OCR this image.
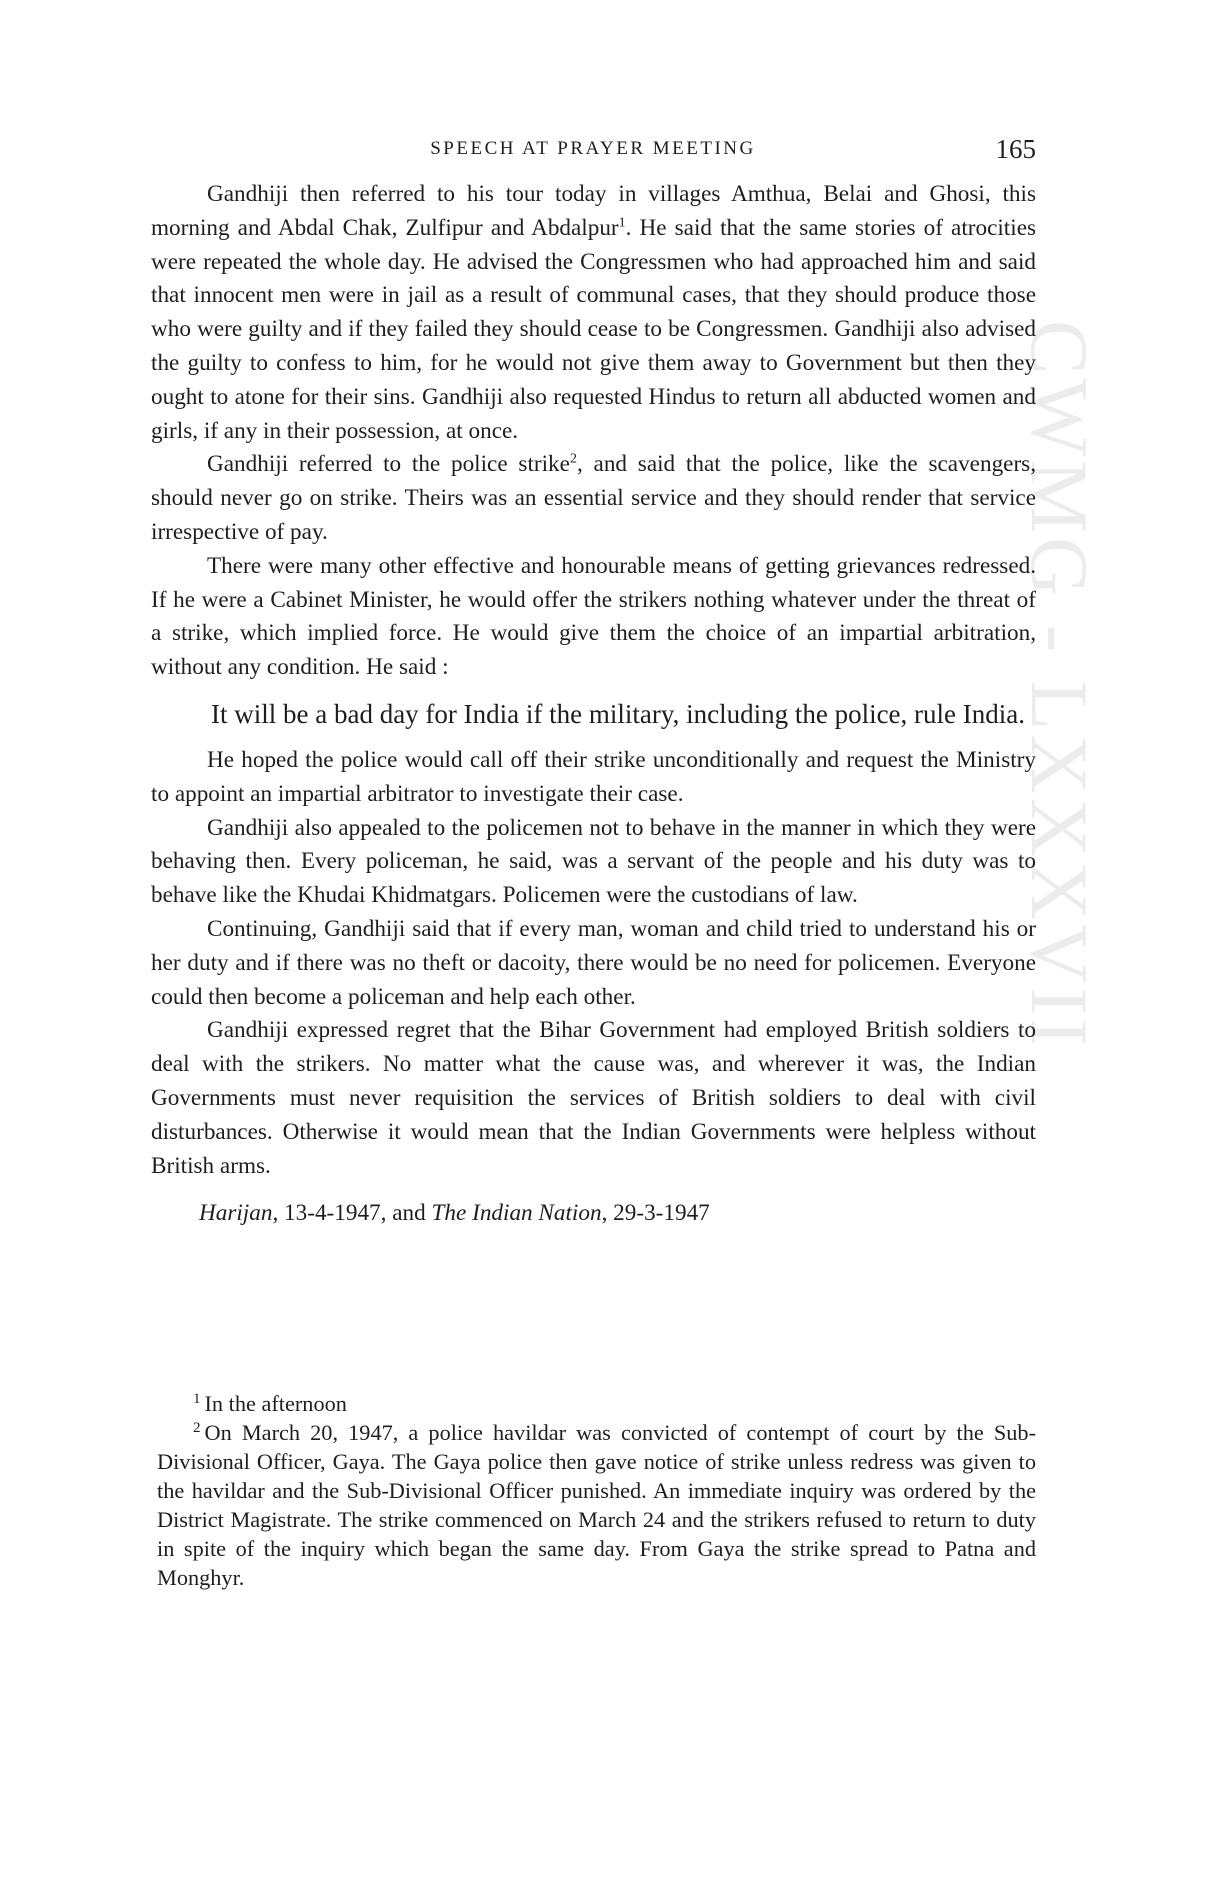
CWMG - LXXXVII
SPEECH AT PRAYER MEETING	165

Gandhiji then referred to his tour today in villages Amthua, Belai and Ghosi, this morning and Abdal Chak, Zulfipur and Abdalpur$^1$. He said that the same stories of atrocities were repeated the whole day. He advised the Congressmen who had approached him and said that innocent men were in jail as a result of communal cases, that they should produce those who were guilty and if they failed they should cease to be Congressmen. Gandhiji also advised the guilty to confess to him, for he would not give them away to Government but then they ought to atone for their sins. Gandhiji also requested Hindus to return all abducted women and girls, if any in their possession, at once.

Gandhiji referred to the police strike$^2$, and said that the police, like the scavengers, should never go on strike. Theirs was an essential service and they should render that service irrespective of pay.

There were many other effective and honourable means of getting grievances redressed. If he were a Cabinet Minister, he would offer the strikers nothing whatever under the threat of a strike, which implied force. He would give them the choice of an impartial arbitration, without any condition. He said :

It will be a bad day for India if the military, including the police, rule India.

He hoped the police would call off their strike unconditionally and request the Ministry to appoint an impartial arbitrator to investigate their case.

Gandhiji also appealed to the policemen not to behave in the manner in which they were behaving then. Every policeman, he said, was a servant of the people and his duty was to behave like the Khudai Khidmatgars. Policemen were the custodians of law.

Continuing, Gandhiji said that if every man, woman and child tried to understand his or her duty and if there was no theft or dacoity, there would be no need for policemen. Everyone could then become a policeman and help each other.

Gandhiji expressed regret that the Bihar Government had employed British soldiers to deal with the strikers. No matter what the cause was, and wherever it was, the Indian Governments must never requisition the services of British soldiers to deal with civil disturbances. Otherwise it would mean that the Indian Governments were helpless without British arms.

Harijan, 13-4-1947, and The Indian Nation, 29-3-1947

$^1$ In the afternoon

$^2$ On March 20, 1947, a police havildar was convicted of contempt of court by the Sub-Divisional Officer, Gaya. The Gaya police then gave notice of strike unless redress was given to the havildar and the Sub-Divisional Officer punished. An immediate inquiry was ordered by the District Magistrate. The strike commenced on March 24 and the strikers refused to return to duty in spite of the inquiry which began the same day. From Gaya the strike spread to Patna and Monghyr.
